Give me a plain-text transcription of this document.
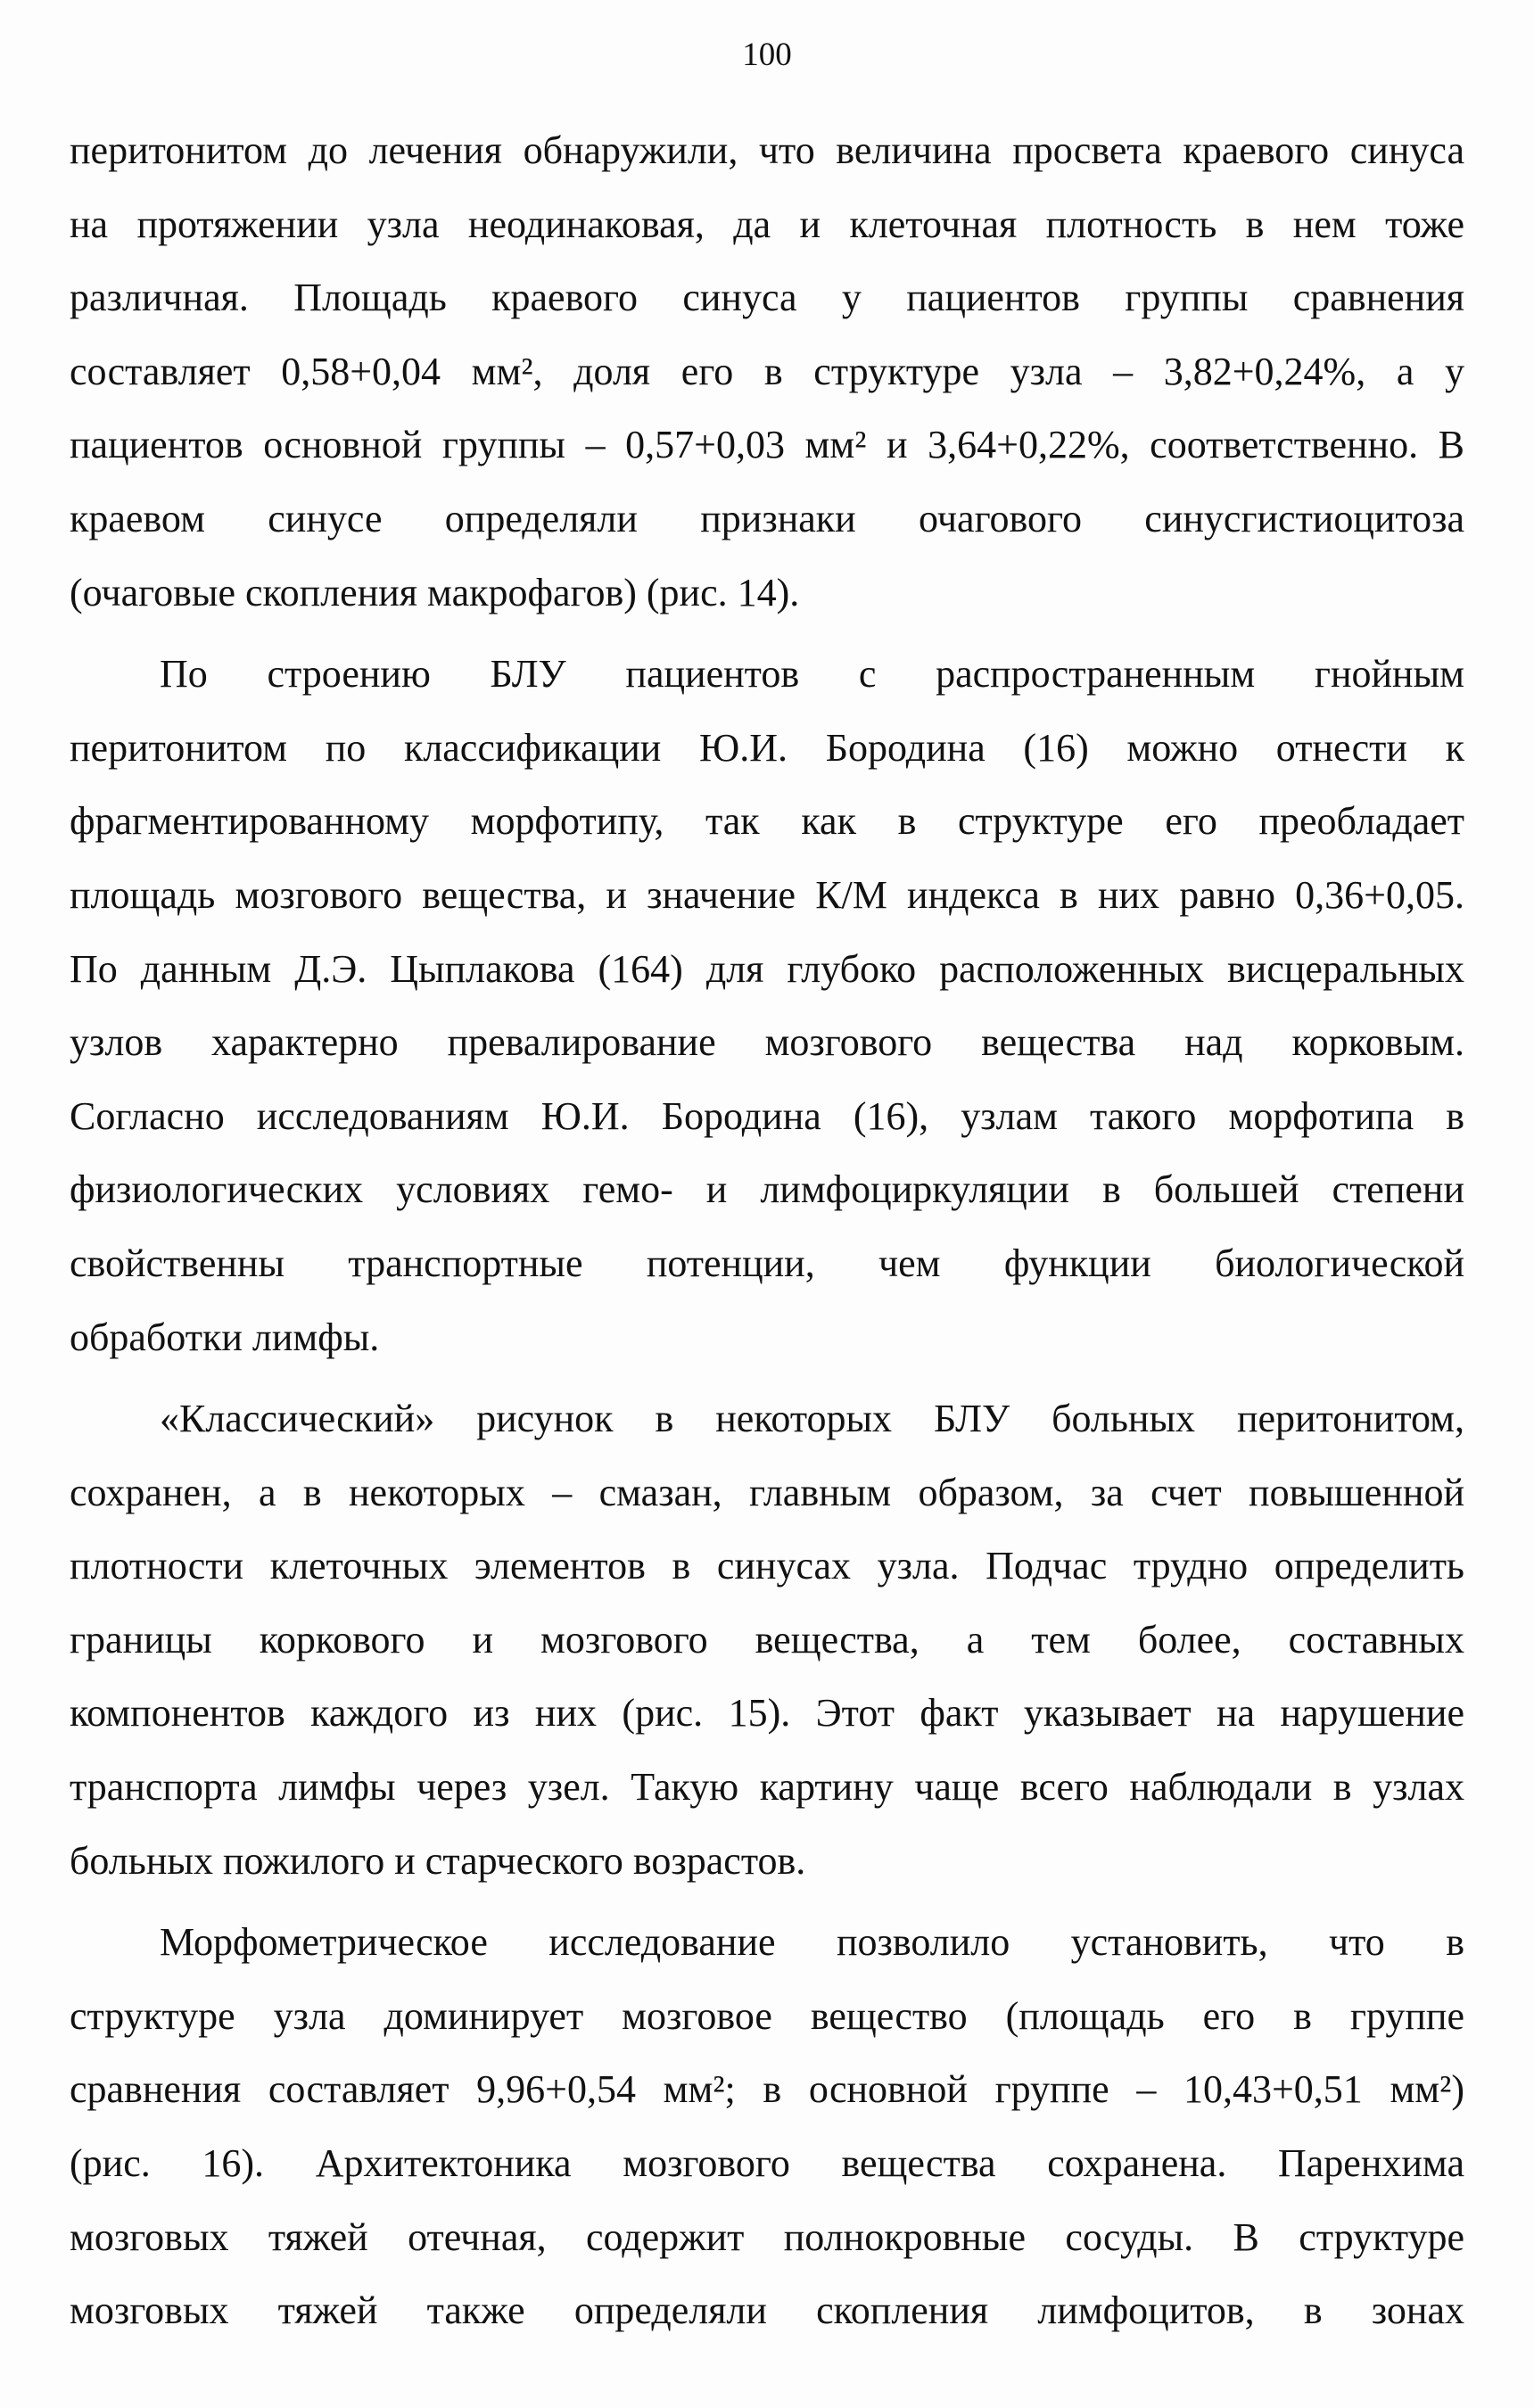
100
перитонитом до лечения обнаружили, что величина просвета краевого синуса
на протяжении узла неодинаковая, да и клеточная плотность в нем тоже
различная. Площадь краевого синуса у пациентов группы сравнения
составляет 0,58+0,04 мм², доля его в структуре узла – 3,82+0,24%, а у
пациентов основной группы – 0,57+0,03 мм² и 3,64+0,22%, соответственно. В
краевом синусе определяли признаки очагового синусгистиоцитоза
(очаговые скопления макрофагов) (рис. 14).
По строению БЛУ пациентов с распространенным гнойным
перитонитом по классификации Ю.И. Бородина (16) можно отнести к
фрагментированному морфотипу, так как в структуре его преобладает
площадь мозгового вещества, и значение К/М индекса в них равно 0,36+0,05.
По данным Д.Э. Цыплакова (164) для глубоко расположенных висцеральных
узлов характерно превалирование мозгового вещества над корковым.
Согласно исследованиям Ю.И. Бородина (16), узлам такого морфотипа в
физиологических условиях гемо- и лимфоциркуляции в большей степени
свойственны транспортные потенции, чем функции биологической
обработки лимфы.
«Классический» рисунок в некоторых БЛУ больных перитонитом,
сохранен, а в некоторых – смазан, главным образом, за счет повышенной
плотности клеточных элементов в синусах узла. Подчас трудно определить
границы коркового и мозгового вещества, а тем более, составных
компонентов каждого из них (рис. 15). Этот факт указывает на нарушение
транспорта лимфы через узел. Такую картину чаще всего наблюдали в узлах
больных пожилого и старческого возрастов.
Морфометрическое исследование позволило установить, что в
структуре узла доминирует мозговое вещество (площадь его в группе
сравнения составляет 9,96+0,54 мм²; в основной группе – 10,43+0,51 мм²)
(рис. 16). Архитектоника мозгового вещества сохранена. Паренхима
мозговых тяжей отечная, содержит полнокровные сосуды. В структуре
мозговых тяжей также определяли скопления лимфоцитов, в зонах
